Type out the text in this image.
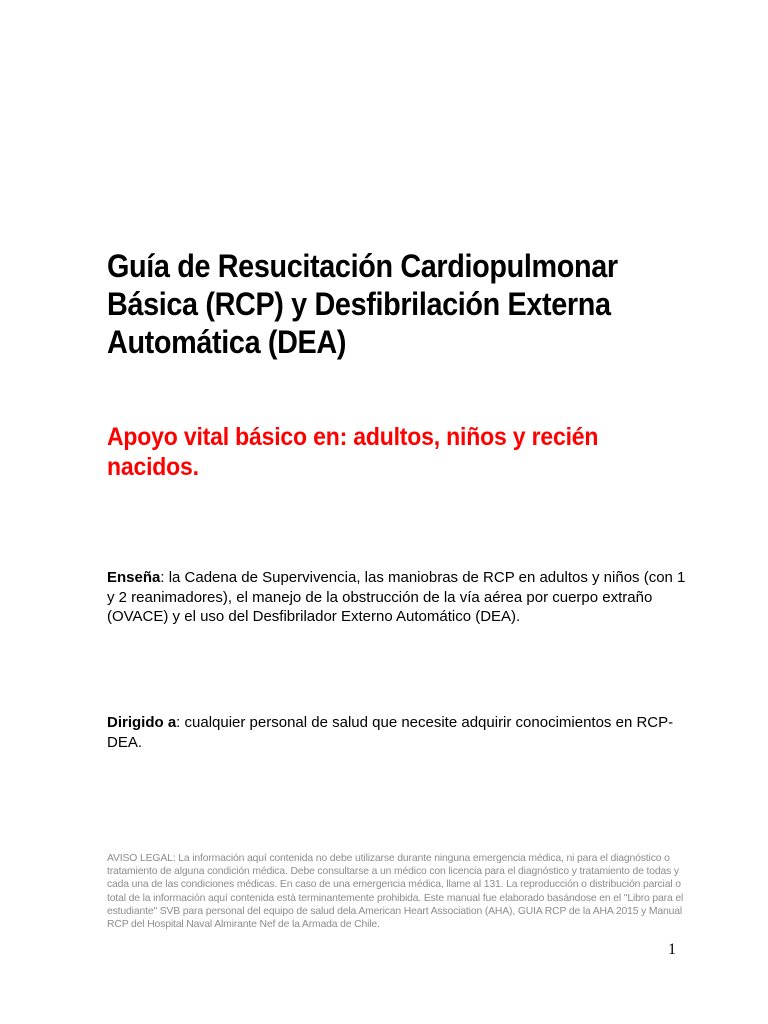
Guía de Resucitación Cardiopulmonar Básica (RCP) y Desfibrilación Externa Automática (DEA)
Apoyo vital básico en: adultos, niños y recién nacidos.

Enseña: la Cadena de Supervivencia, las maniobras de RCP en adultos y niños (con 1 y 2 reanimadores), el manejo de la obstrucción de la vía aérea por cuerpo extraño (OVACE) y el uso del Desfibrilador Externo Automático (DEA).

Dirigido a: cualquier personal de salud que necesite adquirir conocimientos en RCP-DEA.

AVISO LEGAL: La información aquí contenida no debe utilizarse durante ninguna emergencia médica, ni para el diagnóstico o tratamiento de alguna condición médica. Debe consultarse a un médico con licencia para el diagnóstico y tratamiento de todas y cada una de las condiciones médicas. En caso de una emergencia médica, llame al 131. La reproducción o distribución parcial o total de la información aquí contenida está terminantemente prohibida. Este manual fue elaborado basándose en el "Libro para el estudiante" SVB para personal del equipo de salud dela American Heart Association (AHA), GUIA RCP de la AHA 2015 y Manual RCP del Hospital Naval Almirante Nef de la Armada de Chile.

1
